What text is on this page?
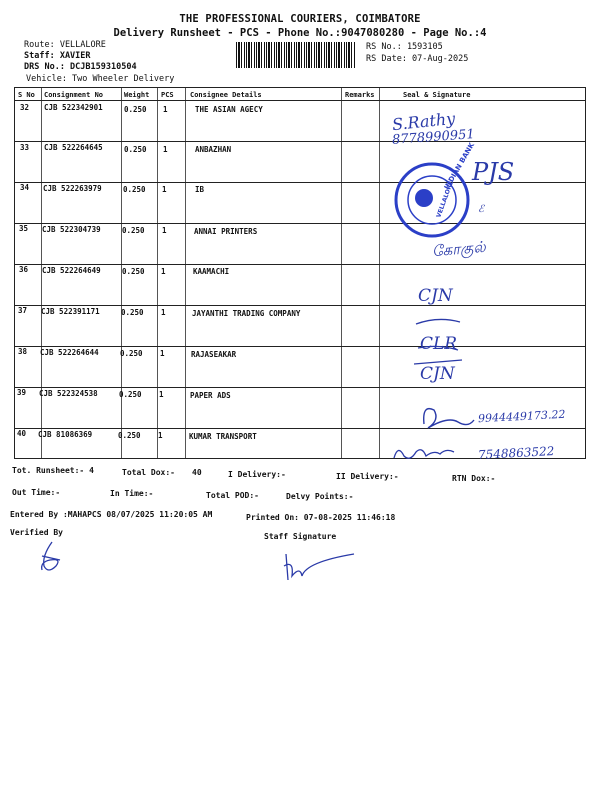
THE PROFESSIONAL COURIERS, COIMBATORE
Delivery Runsheet - PCS - Phone No.:9047080280 - Page No.:4
Route: VELLALORE
Staff: XAVIER
DRS No.: DCJB159310504
Vehicle: Two Wheeler Delivery
RS No.: 1593105
RS Date: 07-Aug-2025
S No Consignment No	Weight PCS Consignee Details	Remarks	Seal & Signature
32 CJB 522342901	0.250 1	THE ASIAN AGECY
33 CJB 522264645	0.250 1	ANBAZHAN
34 CJB 522263979	0.250 1	IB
35 CJB 522304739	0.250 1	ANNAI PRINTERS
36 CJB 522264649	0.250 1	KAAMACHI
37 CJB 522391171	0.250 1	JAYANTHI TRADING COMPANY
38 CJB 522264644	0.250 1	RAJASEAKAR
39 CJB 522324538	0.250 1	PAPER ADS
40 CJB 81086369	0.250 1	KUMAR TRANSPORT
S.Rathy
8778990951
INDIAN BANK
VELLALORE
PJS
ℰ
கோகுல்
CJN
CLR
CJN
9944449173.22
7548863522
Tot. Runsheet:- 4	Total Dox:- 40	I Delivery:-	II Delivery:-	RTN Dox:-
Out Time:-	In Time:-	Total POD:-	Delvy Points:-
Entered By :MAHAPCS 08/07/2025 11:20:05 AM	Printed On: 07-08-2025 11:46:18
Verified By	Staff Signature
